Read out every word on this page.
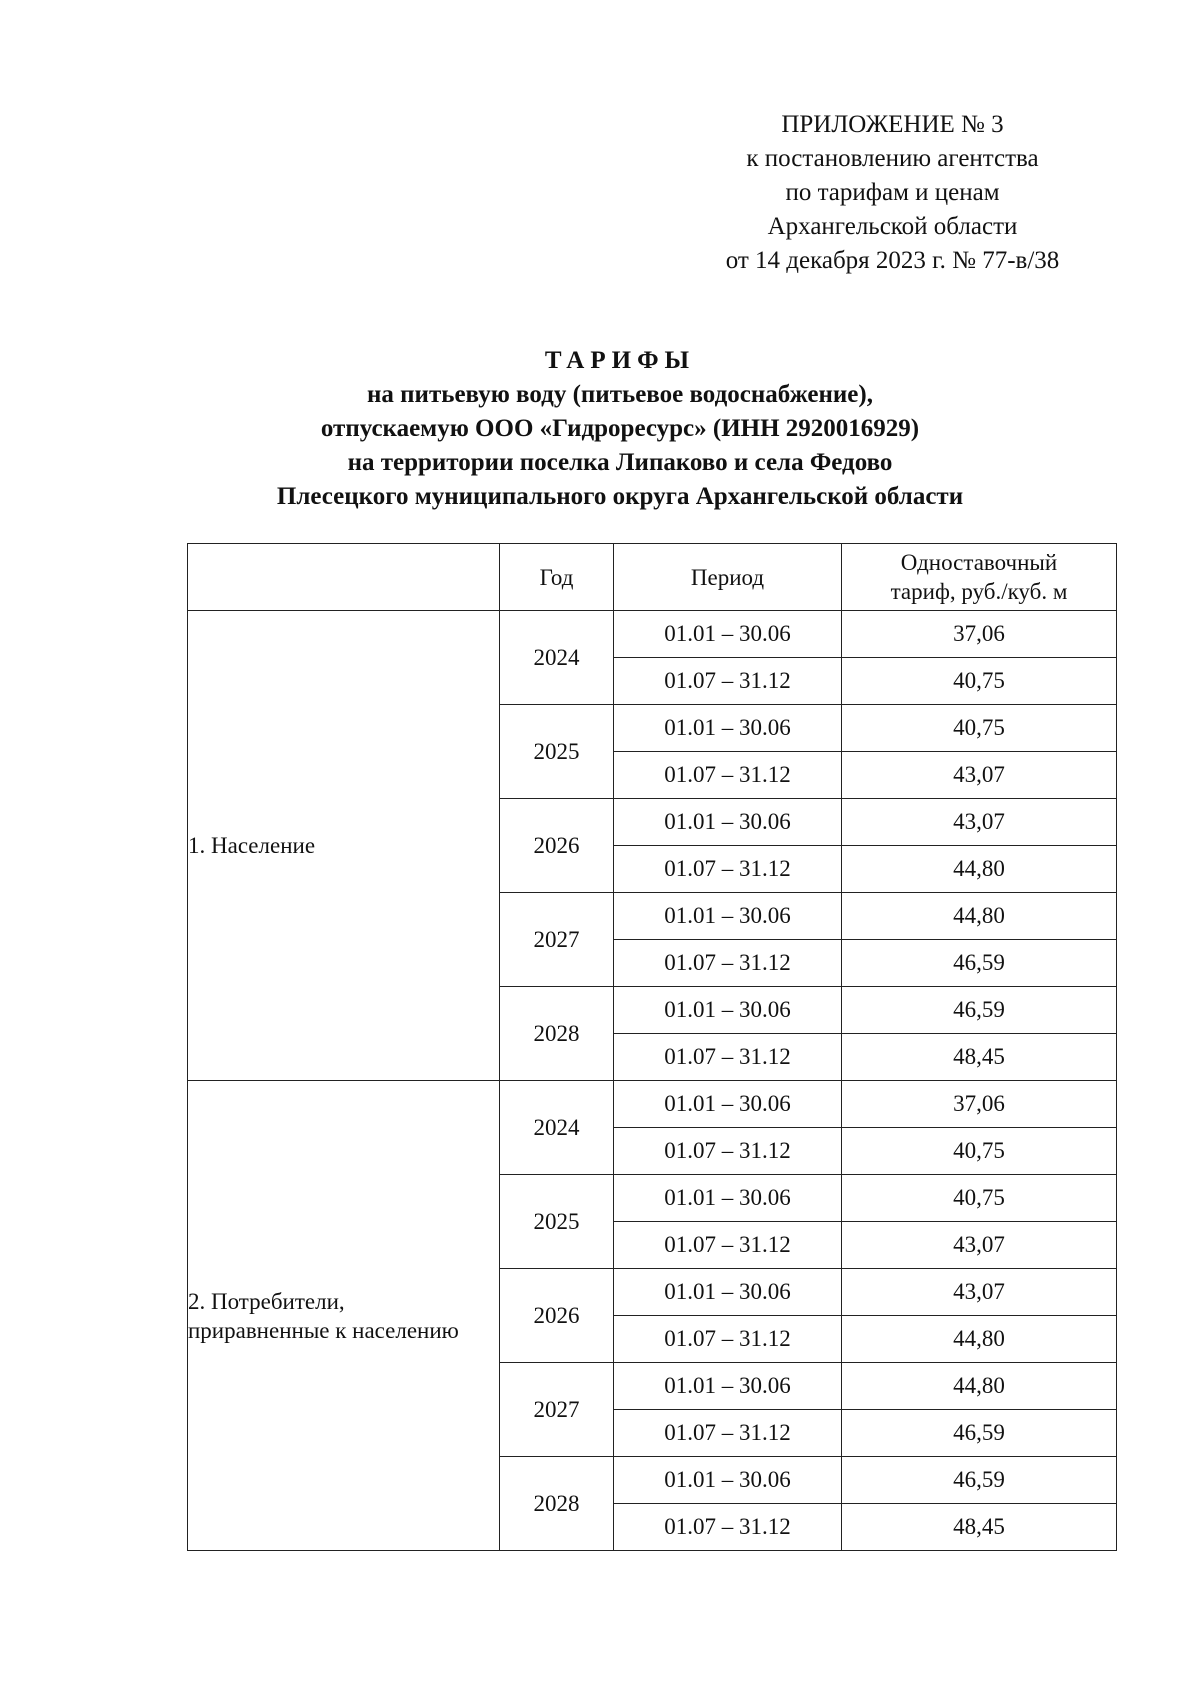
ПРИЛОЖЕНИЕ № 3
к постановлению агентства
по тарифам и ценам
Архангельской области
от 14 декабря 2023 г. № 77-в/38
ТАРИФЫ
на питьевую воду (питьевое водоснабжение),
отпускаемую ООО «Гидроресурс» (ИНН 2920016929)
на территории поселка Липаково и села Федово
Плесецкого муниципального округа Архангельской области
	Год	Период	Одноставочный
тариф, руб./куб. м

1. Население	2024	01.01 – 30.06	37,06
		01.07 – 31.12	40,75
	2025	01.01 – 30.06	40,75
		01.07 – 31.12	43,07
	2026	01.01 – 30.06	43,07
		01.07 – 31.12	44,80
	2027	01.01 – 30.06	44,80
		01.07 – 31.12	46,59
	2028	01.01 – 30.06	46,59
		01.07 – 31.12	48,45

2. Потребители,
приравненные к населению	2024	01.01 – 30.06	37,06
		01.07 – 31.12	40,75
	2025	01.01 – 30.06	40,75
		01.07 – 31.12	43,07
	2026	01.01 – 30.06	43,07
		01.07 – 31.12	44,80
	2027	01.01 – 30.06	44,80
		01.07 – 31.12	46,59
	2028	01.01 – 30.06	46,59
		01.07 – 31.12	48,45
